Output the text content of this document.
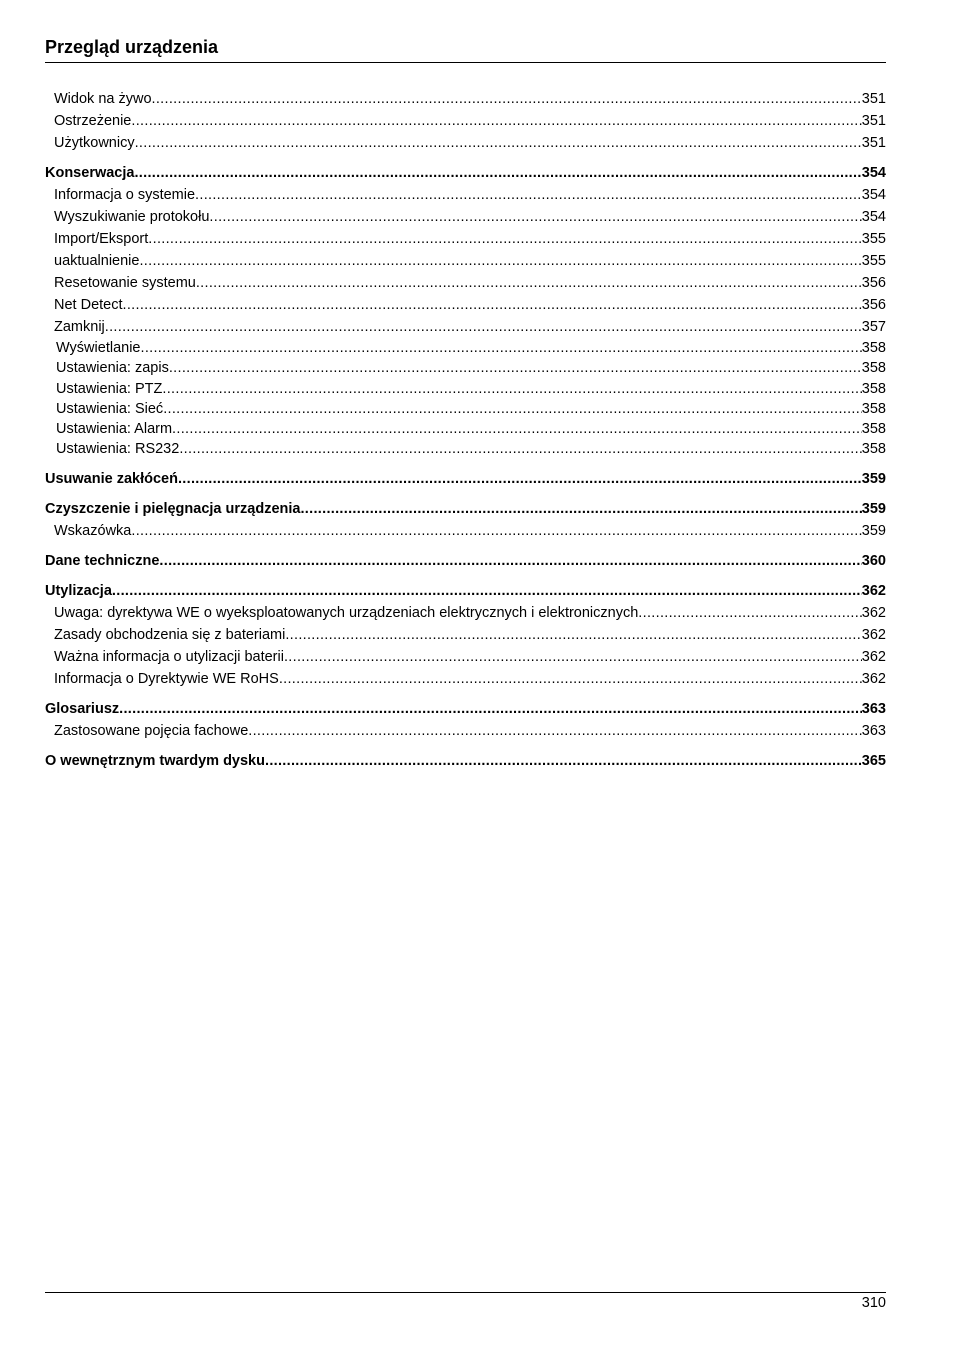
Przegląd urządzenia
Widok na żywo .....	351
Ostrzeżenie .....	351
Użytkownicy .....	351
Konserwacja .....	354
Informacja o systemie .....	354
Wyszukiwanie protokołu .....	354
Import/Eksport .....	355
uaktualnienie .....	355
Resetowanie systemu .....	356
Net Detect .....	356
Zamknij .....	357
Wyświetlanie .....	358
Ustawienia: zapis .....	358
Ustawienia: PTZ .....	358
Ustawienia: Sieć .....	358
Ustawienia: Alarm .....	358
Ustawienia: RS232 .....	358
Usuwanie zakłóceń .....	359
Czyszczenie i pielęgnacja urządzenia .....	359
Wskazówka .....	359
Dane techniczne .....	360
Utylizacja .....	362
Uwaga: dyrektywa WE o wyeksploatowanych urządzeniach elektrycznych i elektronicznych .....	362
Zasady obchodzenia się z bateriami .....	362
Ważna informacja o utylizacji baterii .....	362
Informacja o Dyrektywie WE RoHS .....	362
Glosariusz .....	363
Zastosowane pojęcia fachowe .....	363
O wewnętrznym twardym dysku .....	365
310
